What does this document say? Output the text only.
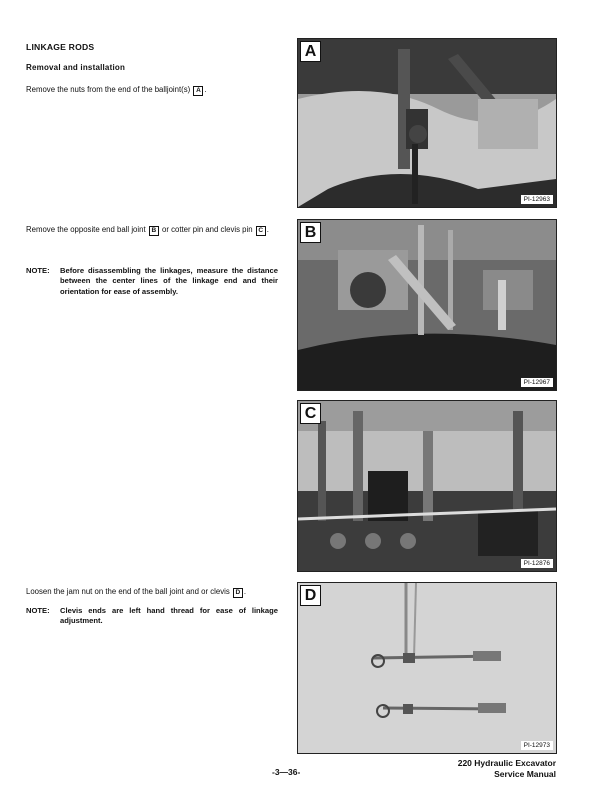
LINKAGE RODS
Removal and installation
Remove the nuts from the end of the balljoint(s) A .
Remove the opposite end ball joint B or cotter pin and clevis pin C .
NOTE: Before disassembling the linkages, measure the distance between the center lines of the linkage end and their orientation for ease of assembly.
Loosen the jam nut on the end of the ball joint and or clevis D .
NOTE: Clevis ends are left hand thread for ease of linkage adjustment.
A
PI-12963
B
PI-12967
C
PI-12876
D
PI-12973
-3—36-
220 Hydraulic Excavator
Service Manual
